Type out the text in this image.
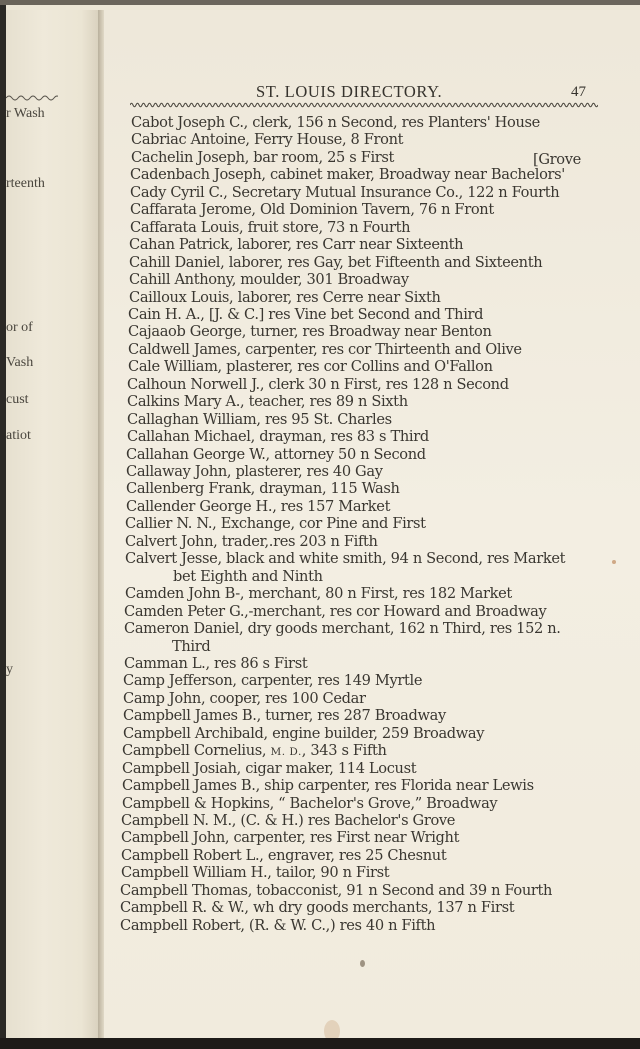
r Wash
rteenth
or of
Vash
cust
atiot
y
ST. LOUIS DIRECTORY.	47
Cabot Joseph C., clerk, 156 n Second, res Planters' House
Cabriac Antoine, Ferry House, 8 Front
Cachelin Joseph, bar room, 25 s First
Cadenbach Joseph, cabinet maker, Broadway near Bachelors'
Cady Cyril C., Secretary Mutual Insurance Co., 122 n Fourth
Caffarata Jerome, Old Dominion Tavern, 76 n Front
Caffarata Louis, fruit store, 73 n Fourth
Cahan Patrick, laborer, res Carr near Sixteenth
Cahill Daniel, laborer, res Gay, bet Fifteenth and Sixteenth
Cahill Anthony, moulder, 301 Broadway
Cailloux Louis, laborer, res Cerre near Sixth
Cain H. A., [J. & C.] res Vine bet Second and Third
Cajaaob George, turner, res Broadway near Benton
Caldwell James, carpenter, res cor Thirteenth and Olive
Cale William, plasterer, res cor Collins and O'Fallon
Calhoun Norwell J., clerk 30 n First, res 128 n Second
Calkins Mary A., teacher, res 89 n Sixth
Callaghan William, res 95 St. Charles
Callahan Michael, drayman, res 83 s Third
Callahan George W., attorney 50 n Second
Callaway John, plasterer, res 40 Gay
Callenberg Frank, drayman, 115 Wash
Callender George H., res 157 Market
Callier N. N., Exchange, cor Pine and First
Calvert John, trader,.res 203 n Fifth
Calvert Jesse, black and white smith, 94 n Second, res Market
bet Eighth and Ninth
Camden John B-, merchant, 80 n First, res 182 Market
Camden Peter G.,-merchant, res cor Howard and Broadway
Cameron Daniel, dry goods merchant, 162 n Third, res 152 n.
Third
Camman L., res 86 s First
Camp Jefferson, carpenter, res 149 Myrtle
Camp John, cooper, res 100 Cedar
Campbell James B., turner, res 287 Broadway
Campbell Archibald, engine builder, 259 Broadway
Campbell Cornelius, M. D., 343 s Fifth
Campbell Josiah, cigar maker, 114 Locust
Campbell James B., ship carpenter, res Florida near Lewis
Campbell & Hopkins, “ Bachelor's Grove,” Broadway
Campbell N. M., (C. & H.) res Bachelor's Grove
Campbell John, carpenter, res First near Wright
Campbell Robert L., engraver, res 25 Chesnut
Campbell William H., tailor, 90 n First
Campbell Thomas, tobacconist, 91 n Second and 39 n Fourth
Campbell R. & W., wh dry goods merchants, 137 n First
Campbell Robert, (R. & W. C.,) res 40 n Fifth
[Grove
